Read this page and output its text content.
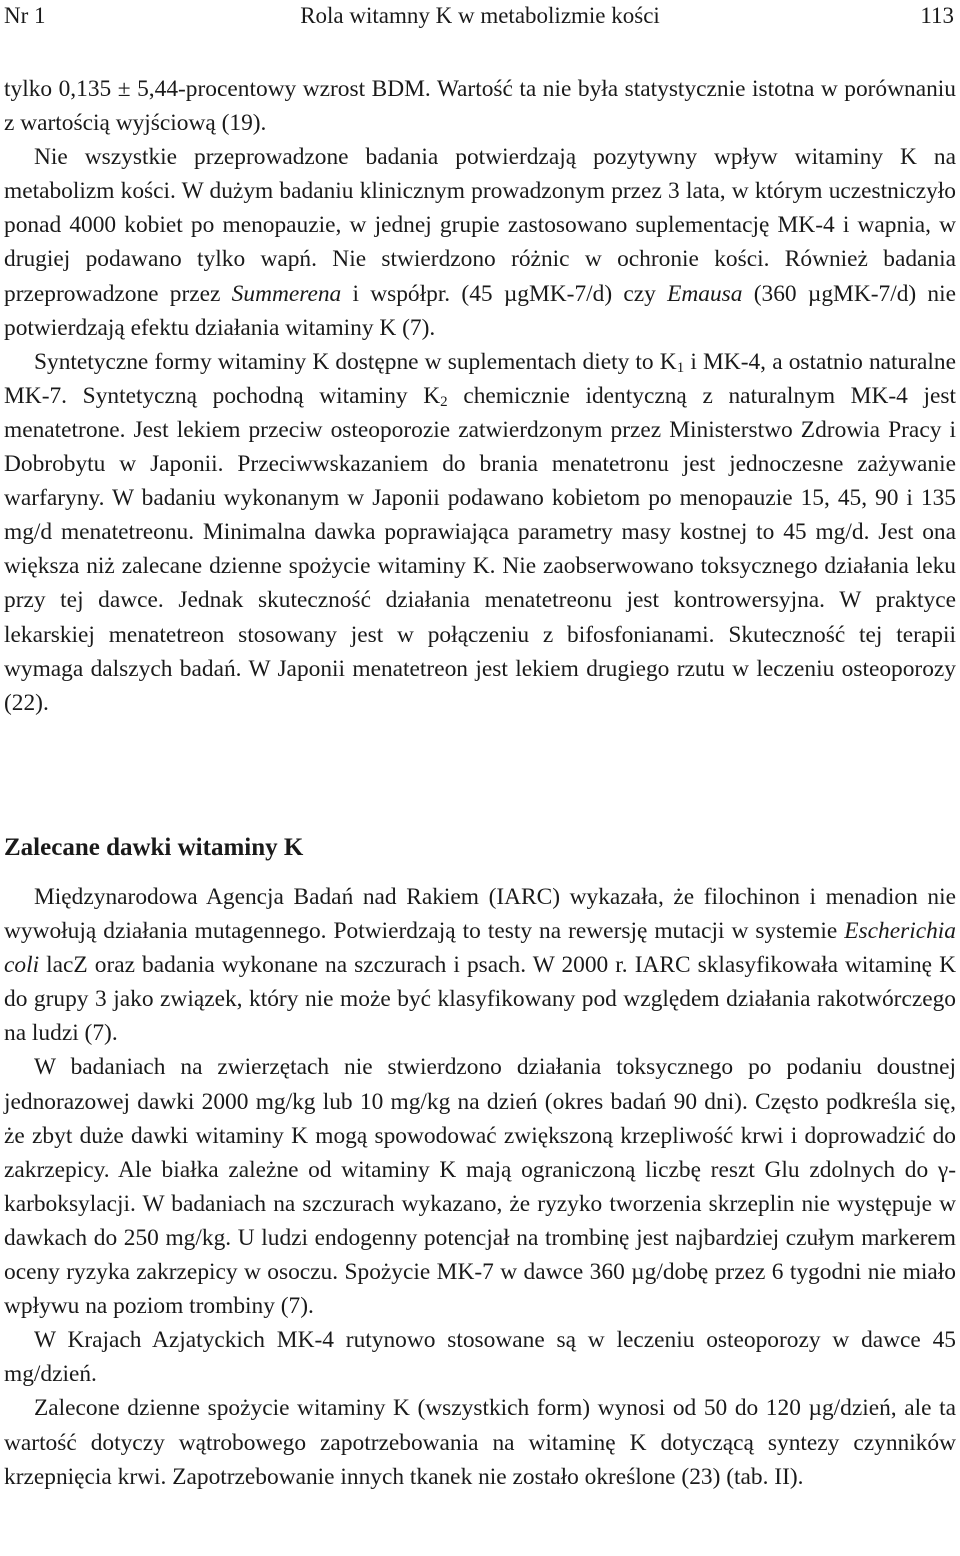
Nr 1	Rola witamny K w metabolizmie kości	113

tylko 0,135 ± 5,44-procentowy wzrost BDM. Wartość ta nie była statystycznie istotna w porównaniu z wartością wyjściową (19).

Nie wszystkie przeprowadzone badania potwierdzają pozytywny wpływ witaminy K na metabolizm kości. W dużym badaniu klinicznym prowadzonym przez 3 lata, w którym uczestniczyło ponad 4000 kobiet po menopauzie, w jednej grupie zastosowano suplementację MK-4 i wapnia, w drugiej podawano tylko wapń. Nie stwierdzono różnic w ochronie kości. Również badania przeprowadzone przez Summerena i współpr. (45 µgMK-7/d) czy Emausa (360 µgMK-7/d) nie potwierdzają efektu działania witaminy K (7).

Syntetyczne formy witaminy K dostępne w suplementach diety to $K_1$ i MK-4, a ostatnio naturalne MK-7. Syntetyczną pochodną witaminy $K_2$ chemicznie identyczną z naturalnym MK-4 jest menatetrone. Jest lekiem przeciw osteoporozie zatwierdzonym przez Ministerstwo Zdrowia Pracy i Dobrobytu w Japonii. Przeciwwskazaniem do brania menatetronu jest jednoczesne zażywanie warfaryny. W badaniu wykonanym w Japonii podawano kobietom po menopauzie 15, 45, 90 i 135 mg/d menatetreonu. Minimalna dawka poprawiająca parametry masy kostnej to 45 mg/d. Jest ona większa niż zalecane dzienne spożycie witaminy K. Nie zaobserwowano toksycznego działania leku przy tej dawce. Jednak skuteczność działania menatetreonu jest kontrowersyjna. W praktyce lekarskiej menatetreon stosowany jest w połączeniu z bifosfonianami. Skuteczność tej terapii wymaga dalszych badań. W Japonii menatetreon jest lekiem drugiego rzutu w leczeniu osteoporozy (22).

Zalecane dawki witaminy K

Międzynarodowa Agencja Badań nad Rakiem (IARC) wykazała, że filochinon i menadion nie wywołują działania mutagennego. Potwierdzają to testy na rewersję mutacji w systemie Escherichia coli lacZ oraz badania wykonane na szczurach i psach. W 2000 r. IARC sklasyfikowała witaminę K do grupy 3 jako związek, który nie może być klasyfikowany pod względem działania rakotwórczego na ludzi (7).

W badaniach na zwierzętach nie stwierdzono działania toksycznego po podaniu doustnej jednorazowej dawki 2000 mg/kg lub 10 mg/kg na dzień (okres badań 90 dni). Często podkreśla się, że zbyt duże dawki witaminy K mogą spowodować zwiększoną krzepliwość krwi i doprowadzić do zakrzepicy. Ale białka zależne od witaminy K mają ograniczoną liczbę reszt Glu zdolnych do γ-karboksylacji. W badaniach na szczurach wykazano, że ryzyko tworzenia skrzeplin nie występuje w dawkach do 250 mg/kg. U ludzi endogenny potencjał na trombinę jest najbardziej czułym markerem oceny ryzyka zakrzepicy w osoczu. Spożycie MK-7 w dawce 360 µg/dobę przez 6 tygodni nie miało wpływu na poziom trombiny (7).

W Krajach Azjatyckich MK-4 rutynowo stosowane są w leczeniu osteoporozy w dawce 45 mg/dzień.

Zalecone dzienne spożycie witaminy K (wszystkich form) wynosi od 50 do 120 µg/dzień, ale ta wartość dotyczy wątrobowego zapotrzebowania na witaminę K dotyczącą syntezy czynników krzepnięcia krwi. Zapotrzebowanie innych tkanek nie zostało określone (23) (tab. II).
